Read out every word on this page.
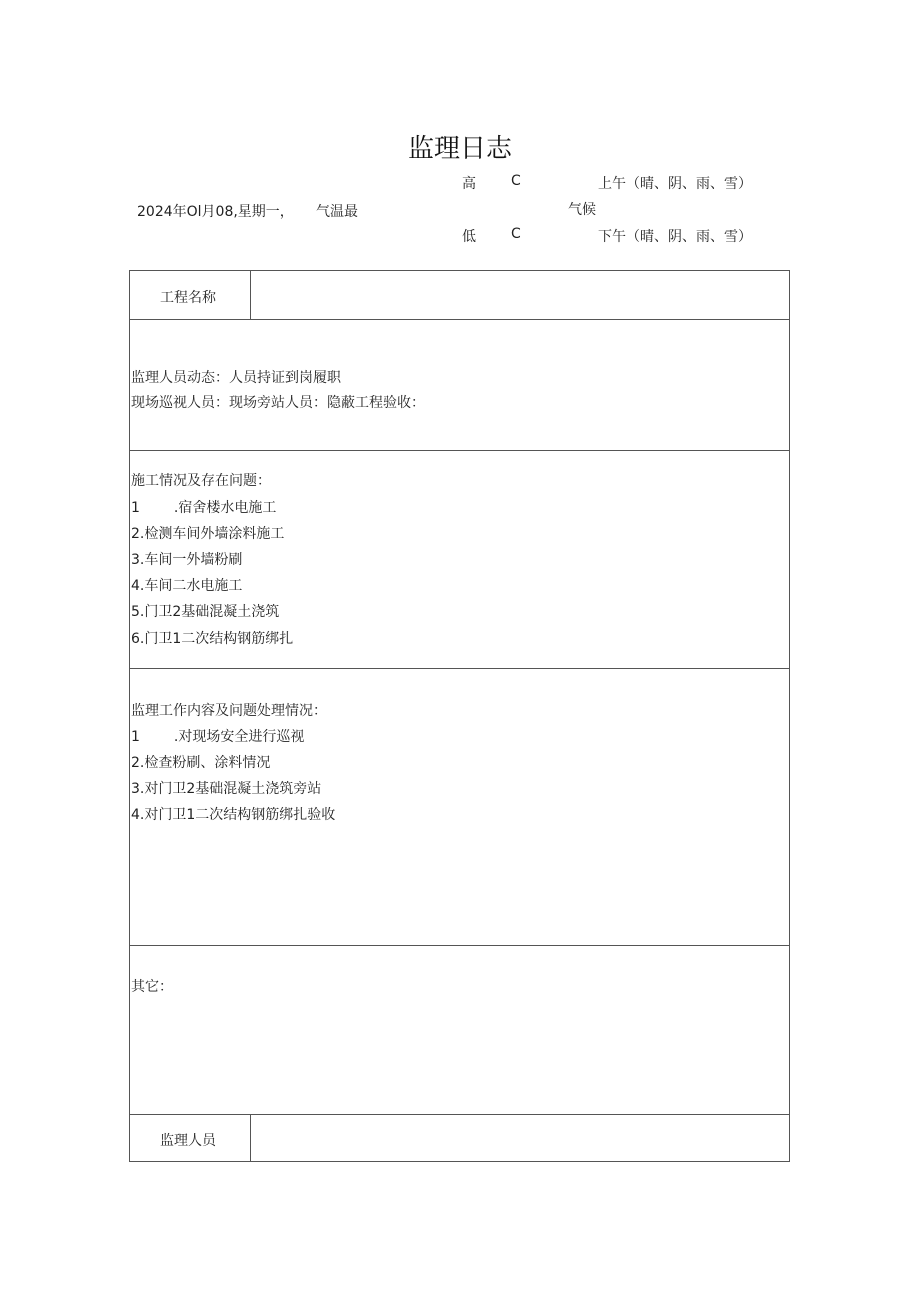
监理日志
高	C	上午（晴、阴、雨、雪）
2024年Ol月08,星期一， 气温最	气候
低	C	下午（晴、阴、雨、雪）
工程名称
监理人员动态：人员持证到岗履职
现场巡视人员：现场旁站人员：隐蔽工程验收：
施工情况及存在问题：
1 .宿舍楼水电施工
2.检测车间外墙涂料施工
3.车间一外墙粉刷
4.车间二水电施工
5.门卫2基础混凝土浇筑
6.门卫1二次结构钢筋绑扎
监理工作内容及问题处理情况：
1 .对现场安全进行巡视
2.检查粉刷、涂料情况
3.对门卫2基础混凝土浇筑旁站
4.对门卫1二次结构钢筋绑扎验收
其它：
监理人员
